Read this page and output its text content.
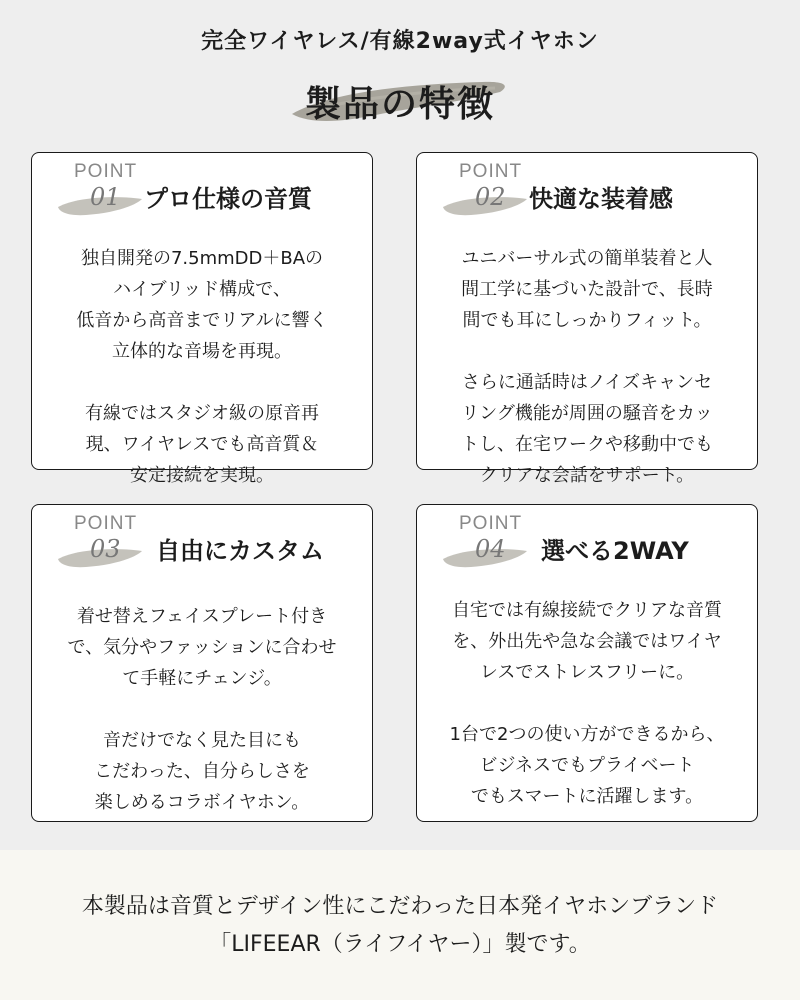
完全ワイヤレス/有線2way式イヤホン
製品の特徴
POINT
01 プロ仕様の音質

独自開発の7.5mmDD＋BAの
ハイブリッド構成で、
低音から高音までリアルに響く
立体的な音場を再現。

有線ではスタジオ級の原音再
現、ワイヤレスでも高音質＆
安定接続を実現。

POINT
02 快適な装着感

ユニバーサル式の簡単装着と人
間工学に基づいた設計で、長時
間でも耳にしっかりフィット。

さらに通話時はノイズキャンセ
リング機能が周囲の騒音をカッ
トし、在宅ワークや移動中でも
クリアな会話をサポート。

POINT
03 自由にカスタム

着せ替えフェイスプレート付き
で、気分やファッションに合わせ
て手軽にチェンジ。

音だけでなく見た目にも
こだわった、自分らしさを
楽しめるコラボイヤホン。

POINT
04 選べる2WAY

自宅では有線接続でクリアな音質
を、外出先や急な会議ではワイヤ
レスでストレスフリーに。

1台で2つの使い方ができるから、
ビジネスでもプライベート
でもスマートに活躍します。

本製品は音質とデザイン性にこだわった日本発イヤホンブランド
「LIFEEAR（ライフイヤー）」製です。
